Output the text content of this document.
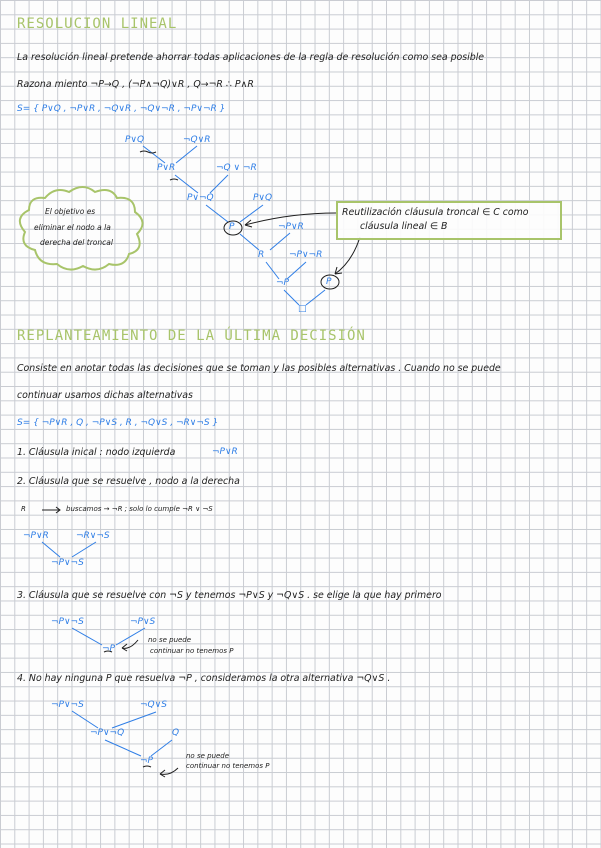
RESOLUCION LINEAL
La resolución lineal pretende ahorrar todas aplicaciones de la regla de resolución como sea posible
Razona miento ¬P→Q , (¬P∧¬Q)∨R , Q→¬R ∴ P∧R
S= { P∨Q , ¬P∨R , ¬Q∨R , ¬Q∨¬R , ¬P∨¬R }
P∨Q	¬Q∨R
P∨R	¬Q ∨ ¬R
P∨¬Q	P∨Q
P	¬P∨R
R	¬P∨¬R
¬P	P
□
El objetivo es
eliminar el nodo a la
derecha del troncal
Reutilización cláusula troncal ∈ C como
cláusula lineal ∈ B
REPLANTEAMIENTO DE LA ÚLTIMA DECISIÓN
Consiste en anotar todas las decisiones que se toman y las posibles alternativas . Cuando no se puede
continuar usamos dichas alternativas
S= { ¬P∨R , Q , ¬P∨S , R , ¬Q∨S , ¬R∨¬S }
1. Cláusula inical : nodo izquierda	¬P∨R
2. Cláusula que se resuelve , nodo a la derecha
R	buscamos → ¬R ; solo lo cumple ¬R ∨ ¬S
¬P∨R	¬R∨¬S
¬P∨¬S
3. Cláusula que se resuelve con ¬S y tenemos ¬P∨S y ¬Q∨S . se elige la que hay primero
¬P∨¬S	¬P∨S
¬P
no se puede
continuar no tenemos P
4. No hay ninguna P que resuelva ¬P , consideramos la otra alternativa ¬Q∨S .
¬P∨¬S	¬Q∨S
¬P∨¬Q	Q
¬P	no se puede
continuar no tenemos P
